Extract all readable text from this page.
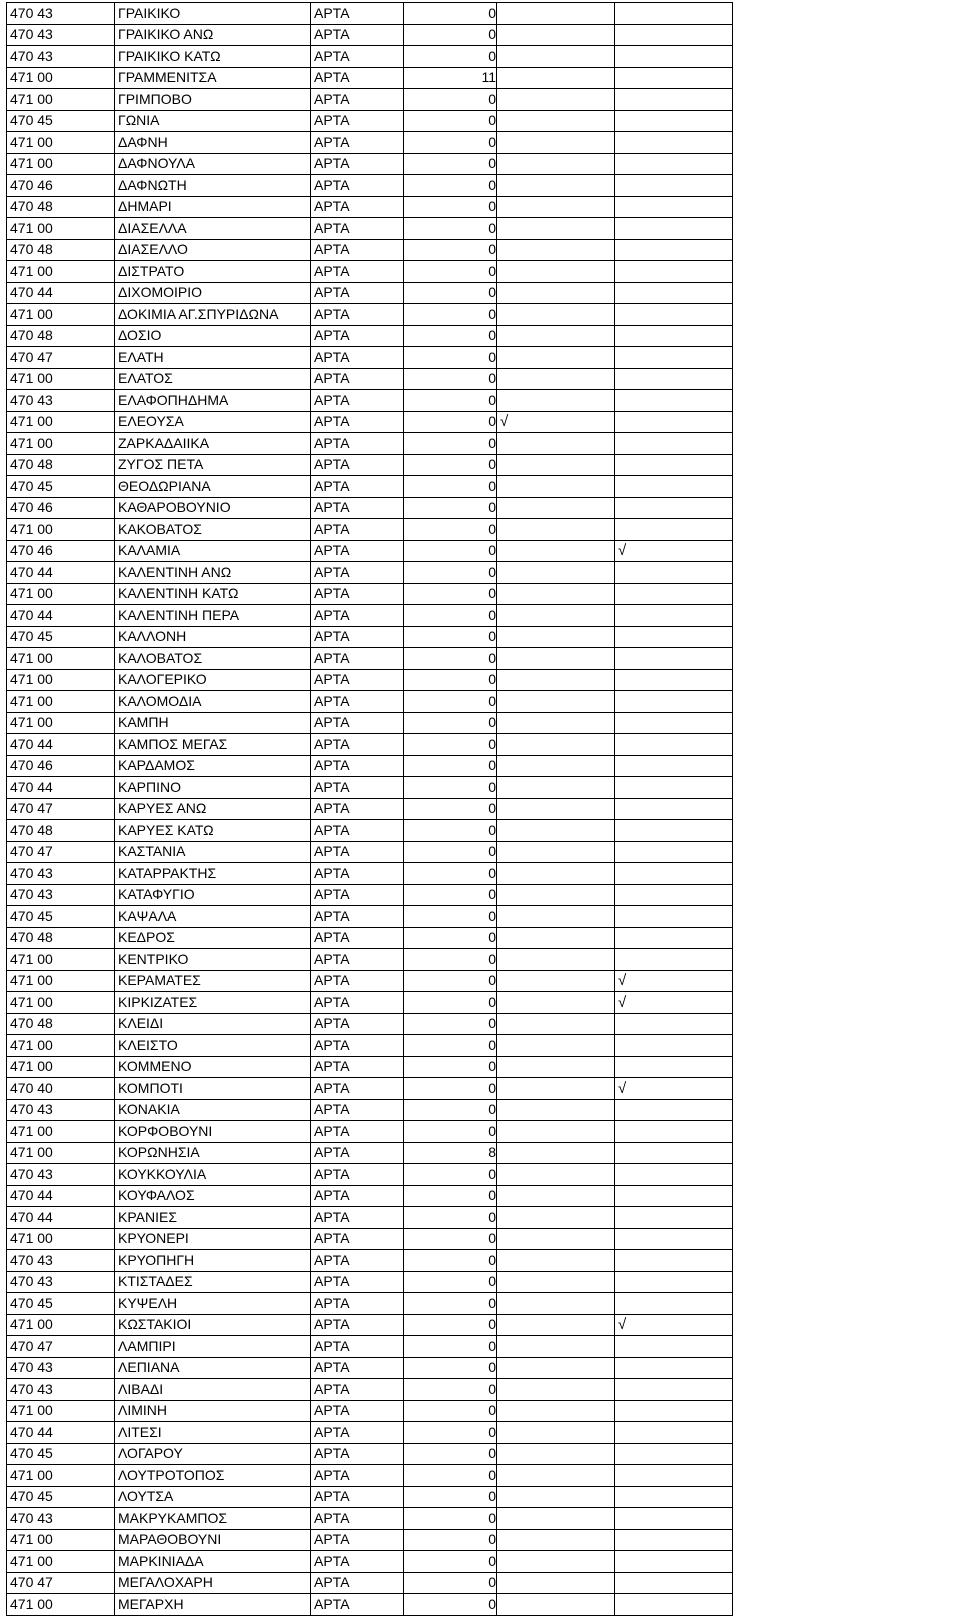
470 43	ΓΡΑΙΚΙΚΟ	ΑΡΤΑ	0		
470 43	ΓΡΑΙΚΙΚΟ ΑΝΩ	ΑΡΤΑ	0		
470 43	ΓΡΑΙΚΙΚΟ ΚΑΤΩ	ΑΡΤΑ	0		
471 00	ΓΡΑΜΜΕΝΙΤΣΑ	ΑΡΤΑ	11		
471 00	ΓΡΙΜΠΟΒΟ	ΑΡΤΑ	0		
470 45	ΓΩΝΙΑ	ΑΡΤΑ	0		
471 00	ΔΑΦΝΗ	ΑΡΤΑ	0		
471 00	ΔΑΦΝΟΥΛΑ	ΑΡΤΑ	0		
470 46	ΔΑΦΝΩΤΗ	ΑΡΤΑ	0		
470 48	ΔΗΜΑΡΙ	ΑΡΤΑ	0		
471 00	ΔΙΑΣΕΛΛΑ	ΑΡΤΑ	0		
470 48	ΔΙΑΣΕΛΛΟ	ΑΡΤΑ	0		
471 00	ΔΙΣΤΡΑΤΟ	ΑΡΤΑ	0		
470 44	ΔΙΧΟΜΟΙΡΙΟ	ΑΡΤΑ	0		
471 00	ΔΟΚΙΜΙΑ ΑΓ.ΣΠΥΡΙΔΩΝΑ	ΑΡΤΑ	0		
470 48	ΔΟΣΙΟ	ΑΡΤΑ	0		
470 47	ΕΛΑΤΗ	ΑΡΤΑ	0		
471 00	ΕΛΑΤΟΣ	ΑΡΤΑ	0		
470 43	ΕΛΑΦΟΠΗΔΗΜΑ	ΑΡΤΑ	0		
471 00	ΕΛΕΟΥΣΑ	ΑΡΤΑ	0	√	
471 00	ΖΑΡΚΑΔΑΙΙΚΑ	ΑΡΤΑ	0		
470 48	ΖΥΓΟΣ ΠΕΤΑ	ΑΡΤΑ	0		
470 45	ΘΕΟΔΩΡΙΑΝΑ	ΑΡΤΑ	0		
470 46	ΚΑΘΑΡΟΒΟΥΝΙΟ	ΑΡΤΑ	0		
471 00	ΚΑΚΟΒΑΤΟΣ	ΑΡΤΑ	0		
470 46	ΚΑΛΑΜΙΑ	ΑΡΤΑ	0		√
470 44	ΚΑΛΕΝΤΙΝΗ ΑΝΩ	ΑΡΤΑ	0		
471 00	ΚΑΛΕΝΤΙΝΗ ΚΑΤΩ	ΑΡΤΑ	0		
470 44	ΚΑΛΕΝΤΙΝΗ ΠΕΡΑ	ΑΡΤΑ	0		
470 45	ΚΑΛΛΟΝΗ	ΑΡΤΑ	0		
471 00	ΚΑΛΟΒΑΤΟΣ	ΑΡΤΑ	0		
471 00	ΚΑΛΟΓΕΡΙΚΟ	ΑΡΤΑ	0		
471 00	ΚΑΛΟΜΟΔΙΑ	ΑΡΤΑ	0		
471 00	ΚΑΜΠΗ	ΑΡΤΑ	0		
470 44	ΚΑΜΠΟΣ ΜΕΓΑΣ	ΑΡΤΑ	0		
470 46	ΚΑΡΔΑΜΟΣ	ΑΡΤΑ	0		
470 44	ΚΑΡΠΙΝΟ	ΑΡΤΑ	0		
470 47	ΚΑΡΥΕΣ ΑΝΩ	ΑΡΤΑ	0		
470 48	ΚΑΡΥΕΣ ΚΑΤΩ	ΑΡΤΑ	0		
470 47	ΚΑΣΤΑΝΙΑ	ΑΡΤΑ	0		
470 43	ΚΑΤΑΡΡΑΚΤΗΣ	ΑΡΤΑ	0		
470 43	ΚΑΤΑΦΥΓΙΟ	ΑΡΤΑ	0		
470 45	ΚΑΨΑΛΑ	ΑΡΤΑ	0		
470 48	ΚΕΔΡΟΣ	ΑΡΤΑ	0		
471 00	ΚΕΝΤΡΙΚΟ	ΑΡΤΑ	0		
471 00	ΚΕΡΑΜΑΤΕΣ	ΑΡΤΑ	0		√
471 00	ΚΙΡΚΙΖΑΤΕΣ	ΑΡΤΑ	0		√
470 48	ΚΛΕΙΔΙ	ΑΡΤΑ	0		
471 00	ΚΛΕΙΣΤΟ	ΑΡΤΑ	0		
471 00	ΚΟΜΜΕΝΟ	ΑΡΤΑ	0		
470 40	ΚΟΜΠΟΤΙ	ΑΡΤΑ	0		√
470 43	ΚΟΝΑΚΙΑ	ΑΡΤΑ	0		
471 00	ΚΟΡΦΟΒΟΥΝΙ	ΑΡΤΑ	0		
471 00	ΚΟΡΩΝΗΣΙΑ	ΑΡΤΑ	8		
470 43	ΚΟΥΚΚΟΥΛΙΑ	ΑΡΤΑ	0		
470 44	ΚΟΥΦΑΛΟΣ	ΑΡΤΑ	0		
470 44	ΚΡΑΝΙΕΣ	ΑΡΤΑ	0		
471 00	ΚΡΥΟΝΕΡΙ	ΑΡΤΑ	0		
470 43	ΚΡΥΟΠΗΓΗ	ΑΡΤΑ	0		
470 43	ΚΤΙΣΤΑΔΕΣ	ΑΡΤΑ	0		
470 45	ΚΥΨΕΛΗ	ΑΡΤΑ	0		
471 00	ΚΩΣΤΑΚΙΟΙ	ΑΡΤΑ	0		√
470 47	ΛΑΜΠΙΡΙ	ΑΡΤΑ	0		
470 43	ΛΕΠΙΑΝΑ	ΑΡΤΑ	0		
470 43	ΛΙΒΑΔΙ	ΑΡΤΑ	0		
471 00	ΛΙΜΙΝΗ	ΑΡΤΑ	0		
470 44	ΛΙΤΕΣΙ	ΑΡΤΑ	0		
470 45	ΛΟΓΑΡΟΥ	ΑΡΤΑ	0		
471 00	ΛΟΥΤΡΟΤΟΠΟΣ	ΑΡΤΑ	0		
470 45	ΛΟΥΤΣΑ	ΑΡΤΑ	0		
470 43	ΜΑΚΡΥΚΑΜΠΟΣ	ΑΡΤΑ	0		
471 00	ΜΑΡΑΘΟΒΟΥΝΙ	ΑΡΤΑ	0		
471 00	ΜΑΡΚΙΝΙΑΔΑ	ΑΡΤΑ	0		
470 47	ΜΕΓΑΛΟΧΑΡΗ	ΑΡΤΑ	0		
471 00	ΜΕΓΑΡΧΗ	ΑΡΤΑ	0		
